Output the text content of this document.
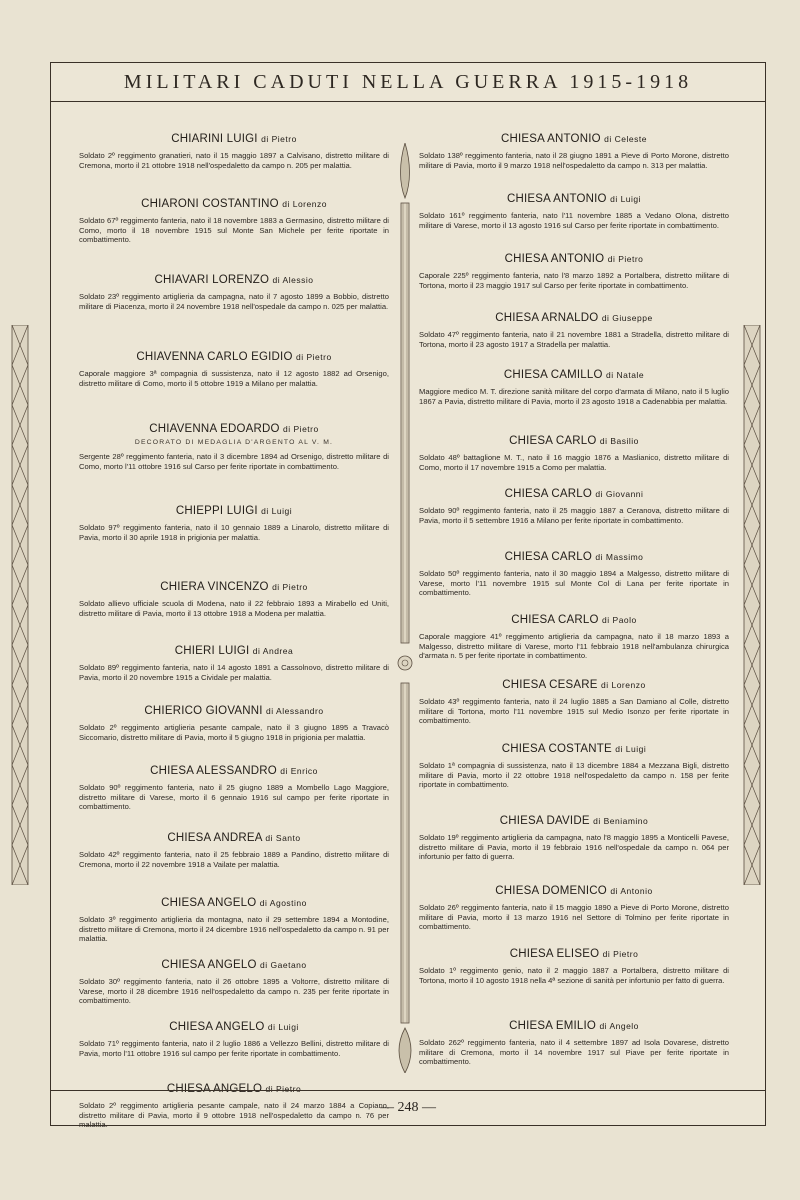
MILITARI CADUTI NELLA GUERRA 1915-1918
CHIARINI LUIGI di Pietro
Soldato 2º reggimento granatieri, nato il 15 maggio 1897 a Calvisano, distretto militare di Cremona, morto il 21 ottobre 1918 nell'ospedaletto da campo n. 205 per malattia.
CHIARONI COSTANTINO di Lorenzo
Soldato 67º reggimento fanteria, nato il 18 novembre 1883 a Germasino, distretto militare di Como, morto il 18 novembre 1915 sul Monte San Michele per ferite riportate in combattimento.
CHIAVARI LORENZO di Alessio
Soldato 23º reggimento artiglieria da campagna, nato il 7 agosto 1899 a Bobbio, distretto militare di Piacenza, morto il 24 novembre 1918 nell'ospedale da campo n. 025 per malattia.
CHIAVENNA CARLO EGIDIO di Pietro
Caporale maggiore 3ª compagnia di sussistenza, nato il 12 agosto 1882 ad Orsenigo, distretto militare di Como, morto il 5 ottobre 1919 a Milano per malattia.
CHIAVENNA EDOARDO di Pietro
DECORATO DI MEDAGLIA D'ARGENTO AL V. M.
Sergente 28º reggimento fanteria, nato il 3 dicembre 1894 ad Orsenigo, distretto militare di Como, morto l'11 ottobre 1916 sul Carso per ferite riportate in combattimento.
CHIEPPI LUIGI di Luigi
Soldato 97º reggimento fanteria, nato il 10 gennaio 1889 a Linarolo, distretto militare di Pavia, morto il 30 aprile 1918 in prigionia per malattia.
CHIERA VINCENZO di Pietro
Soldato allievo ufficiale scuola di Modena, nato il 22 febbraio 1893 a Mirabello ed Uniti, distretto militare di Pavia, morto il 13 ottobre 1918 a Modena per malattia.
CHIERI LUIGI di Andrea
Soldato 89º reggimento fanteria, nato il 14 agosto 1891 a Cassolnovo, distretto militare di Pavia, morto il 20 novembre 1915 a Cividale per malattia.
CHIERICO GIOVANNI di Alessandro
Soldato 2º reggimento artiglieria pesante campale, nato il 3 giugno 1895 a Travacò Siccomario, distretto militare di Pavia, morto il 5 giugno 1918 in prigionia per malattia.
CHIESA ALESSANDRO di Enrico
Soldato 90º reggimento fanteria, nato il 25 giugno 1889 a Mombello Lago Maggiore, distretto militare di Varese, morto il 6 gennaio 1916 sul campo per ferite riportate in combattimento.
CHIESA ANDREA di Santo
Soldato 42º reggimento fanteria, nato il 25 febbraio 1889 a Pandino, distretto militare di Cremona, morto il 22 novembre 1918 a Vailate per malattia.
CHIESA ANGELO di Agostino
Soldato 3º reggimento artiglieria da montagna, nato il 29 settembre 1894 a Montodine, distretto militare di Cremona, morto il 24 dicembre 1916 nell'ospedaletto da campo n. 91 per malattia.
CHIESA ANGELO di Gaetano
Soldato 30º reggimento fanteria, nato il 26 ottobre 1895 a Voltorre, distretto militare di Varese, morto il 28 dicembre 1916 nell'ospedaletto da campo n. 235 per ferite riportate in combattimento.
CHIESA ANGELO di Luigi
Soldato 71º reggimento fanteria, nato il 2 luglio 1886 a Vellezzo Bellini, distretto militare di Pavia, morto l'11 ottobre 1916 sul campo per ferite riportate in combattimento.
CHIESA ANGELO di Pietro
Soldato 2º reggimento artiglieria pesante campale, nato il 24 marzo 1884 a Copiano, distretto militare di Pavia, morto il 9 ottobre 1918 nell'ospedaletto da campo n. 76 per malattia.
CHIESA ANTONIO di Celeste
Soldato 138º reggimento fanteria, nato il 28 giugno 1891 a Pieve di Porto Morone, distretto militare di Pavia, morto il 9 marzo 1918 nell'ospedaletto da campo n. 313 per malattia.
CHIESA ANTONIO di Luigi
Soldato 161º reggimento fanteria, nato l'11 novembre 1885 a Vedano Olona, distretto militare di Varese, morto il 13 agosto 1916 sul Carso per ferite riportate in combattimento.
CHIESA ANTONIO di Pietro
Caporale 225º reggimento fanteria, nato l'8 marzo 1892 a Portalbera, distretto militare di Tortona, morto il 23 maggio 1917 sul Carso per ferite riportate in combattimento.
CHIESA ARNALDO di Giuseppe
Soldato 47º reggimento fanteria, nato il 21 novembre 1881 a Stradella, distretto militare di Tortona, morto il 23 agosto 1917 a Stradella per malattia.
CHIESA CAMILLO di Natale
Maggiore medico M. T. direzione sanità militare del corpo d'armata di Milano, nato il 5 luglio 1867 a Pavia, distretto militare di Pavia, morto il 23 agosto 1918 a Cadenabbia per malattia.
CHIESA CARLO di Basilio
Soldato 48º battaglione M. T., nato il 16 maggio 1876 a Maslianico, distretto militare di Como, morto il 17 novembre 1915 a Como per malattia.
CHIESA CARLO di Giovanni
Soldato 90º reggimento fanteria, nato il 25 maggio 1887 a Ceranova, distretto militare di Pavia, morto il 5 settembre 1916 a Milano per ferite riportate in combattimento.
CHIESA CARLO di Massimo
Soldato 50º reggimento fanteria, nato il 30 maggio 1894 a Malgesso, distretto militare di Varese, morto l'11 novembre 1915 sul Monte Col di Lana per ferite riportate in combattimento.
CHIESA CARLO di Paolo
Caporale maggiore 41º reggimento artiglieria da campagna, nato il 18 marzo 1893 a Malgesso, distretto militare di Varese, morto l'11 febbraio 1918 nell'ambulanza chirurgica d'armata n. 5 per ferite riportate in combattimento.
CHIESA CESARE di Lorenzo
Soldato 43º reggimento fanteria, nato il 24 luglio 1885 a San Damiano al Colle, distretto militare di Tortona, morto l'11 novembre 1915 sul Medio Isonzo per ferite riportate in combattimento.
CHIESA COSTANTE di Luigi
Soldato 1ª compagnia di sussistenza, nato il 13 dicembre 1884 a Mezzana Bigli, distretto militare di Pavia, morto il 22 ottobre 1918 nell'ospedaletto da campo n. 158 per ferite riportate in combattimento.
CHIESA DAVIDE di Beniamino
Soldato 19º reggimento artiglieria da campagna, nato l'8 maggio 1895 a Monticelli Pavese, distretto militare di Pavia, morto il 19 febbraio 1916 nell'ospedale da campo n. 064 per infortunio per fatto di guerra.
CHIESA DOMENICO di Antonio
Soldato 26º reggimento fanteria, nato il 15 maggio 1890 a Pieve di Porto Morone, distretto militare di Pavia, morto il 13 marzo 1916 nel Settore di Tolmino per ferite riportate in combattimento.
CHIESA ELISEO di Pietro
Soldato 1º reggimento genio, nato il 2 maggio 1887 a Portalbera, distretto militare di Tortona, morto il 10 agosto 1918 nella 4ª sezione di sanità per infortunio per fatto di guerra.
CHIESA EMILIO di Angelo
Soldato 262º reggimento fanteria, nato il 4 settembre 1897 ad Isola Dovarese, distretto militare di Cremona, morto il 14 novembre 1917 sul Piave per ferite riportate in combattimento.
— 248 —
